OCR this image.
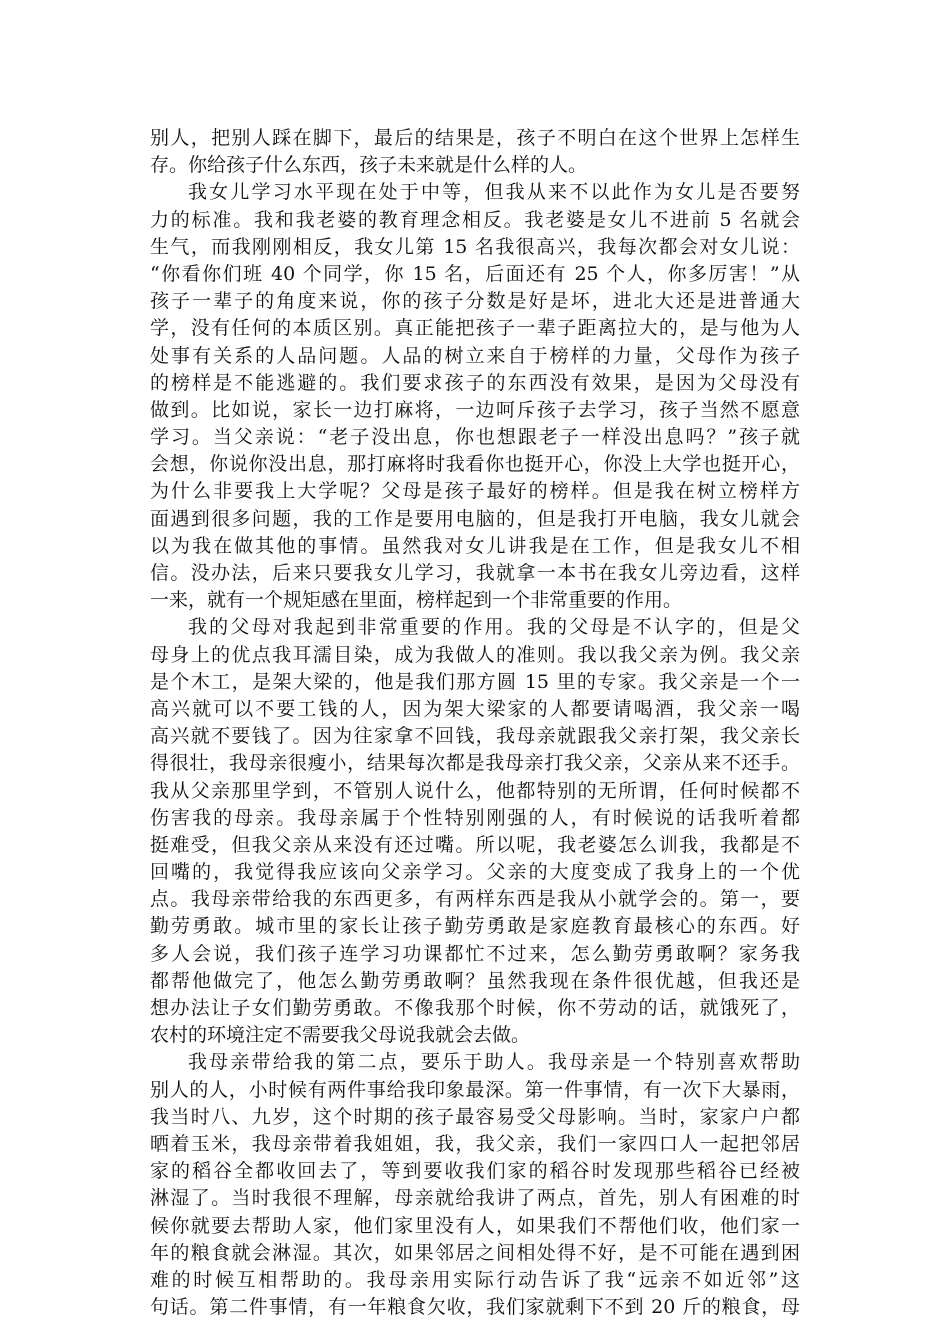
别人，把别人踩在脚下，最后的结果是，孩子不明白在这个世界上怎样生
存。你给孩子什么东西，孩子未来就是什么样的人。
我女儿学习水平现在处于中等，但我从来不以此作为女儿是否要努
力的标准。我和我老婆的教育理念相反。我老婆是女儿不进前 5 名就会
生气，而我刚刚相反，我女儿第 15 名我很高兴，我每次都会对女儿说：
“你看你们班 40 个同学，你 15 名，后面还有 25 个人，你多厉害！”从
孩子一辈子的角度来说，你的孩子分数是好是坏，进北大还是进普通大
学，没有任何的本质区别。真正能把孩子一辈子距离拉大的，是与他为人
处事有关系的人品问题。人品的树立来自于榜样的力量，父母作为孩子
的榜样是不能逃避的。我们要求孩子的东西没有效果，是因为父母没有
做到。比如说，家长一边打麻将，一边呵斥孩子去学习，孩子当然不愿意
学习。当父亲说：“老子没出息，你也想跟老子一样没出息吗？”孩子就
会想，你说你没出息，那打麻将时我看你也挺开心，你没上大学也挺开心，
为什么非要我上大学呢？父母是孩子最好的榜样。但是我在树立榜样方
面遇到很多问题，我的工作是要用电脑的，但是我打开电脑，我女儿就会
以为我在做其他的事情。虽然我对女儿讲我是在工作，但是我女儿不相
信。没办法，后来只要我女儿学习，我就拿一本书在我女儿旁边看，这样
一来，就有一个规矩感在里面，榜样起到一个非常重要的作用。
我的父母对我起到非常重要的作用。我的父母是不认字的，但是父
母身上的优点我耳濡目染，成为我做人的准则。我以我父亲为例。我父亲
是个木工，是架大梁的，他是我们那方圆 15 里的专家。我父亲是一个一
高兴就可以不要工钱的人，因为架大梁家的人都要请喝酒，我父亲一喝
高兴就不要钱了。因为往家拿不回钱，我母亲就跟我父亲打架，我父亲长
得很壮，我母亲很瘦小，结果每次都是我母亲打我父亲，父亲从来不还手。
我从父亲那里学到，不管别人说什么，他都特别的无所谓，任何时候都不
伤害我的母亲。我母亲属于个性特别刚强的人，有时候说的话我听着都
挺难受，但我父亲从来没有还过嘴。所以呢，我老婆怎么训我，我都是不
回嘴的，我觉得我应该向父亲学习。父亲的大度变成了我身上的一个优
点。我母亲带给我的东西更多，有两样东西是我从小就学会的。第一，要
勤劳勇敢。城市里的家长让孩子勤劳勇敢是家庭教育最核心的东西。好
多人会说，我们孩子连学习功课都忙不过来，怎么勤劳勇敢啊？家务我
都帮他做完了，他怎么勤劳勇敢啊？虽然我现在条件很优越，但我还是
想办法让子女们勤劳勇敢。不像我那个时候，你不劳动的话，就饿死了，
农村的环境注定不需要我父母说我就会去做。
我母亲带给我的第二点，要乐于助人。我母亲是一个特别喜欢帮助
别人的人，小时候有两件事给我印象最深。第一件事情，有一次下大暴雨，
我当时八、九岁，这个时期的孩子最容易受父母影响。当时，家家户户都
晒着玉米，我母亲带着我姐姐，我，我父亲，我们一家四口人一起把邻居
家的稻谷全都收回去了，等到要收我们家的稻谷时发现那些稻谷已经被
淋湿了。当时我很不理解，母亲就给我讲了两点，首先，别人有困难的时
候你就要去帮助人家，他们家里没有人，如果我们不帮他们收，他们家一
年的粮食就会淋湿。其次，如果邻居之间相处得不好，是不可能在遇到困
难的时候互相帮助的。我母亲用实际行动告诉了我“远亲不如近邻”这
句话。第二件事情，有一年粮食欠收，我们家就剩下不到 20 斤的粮食，母
